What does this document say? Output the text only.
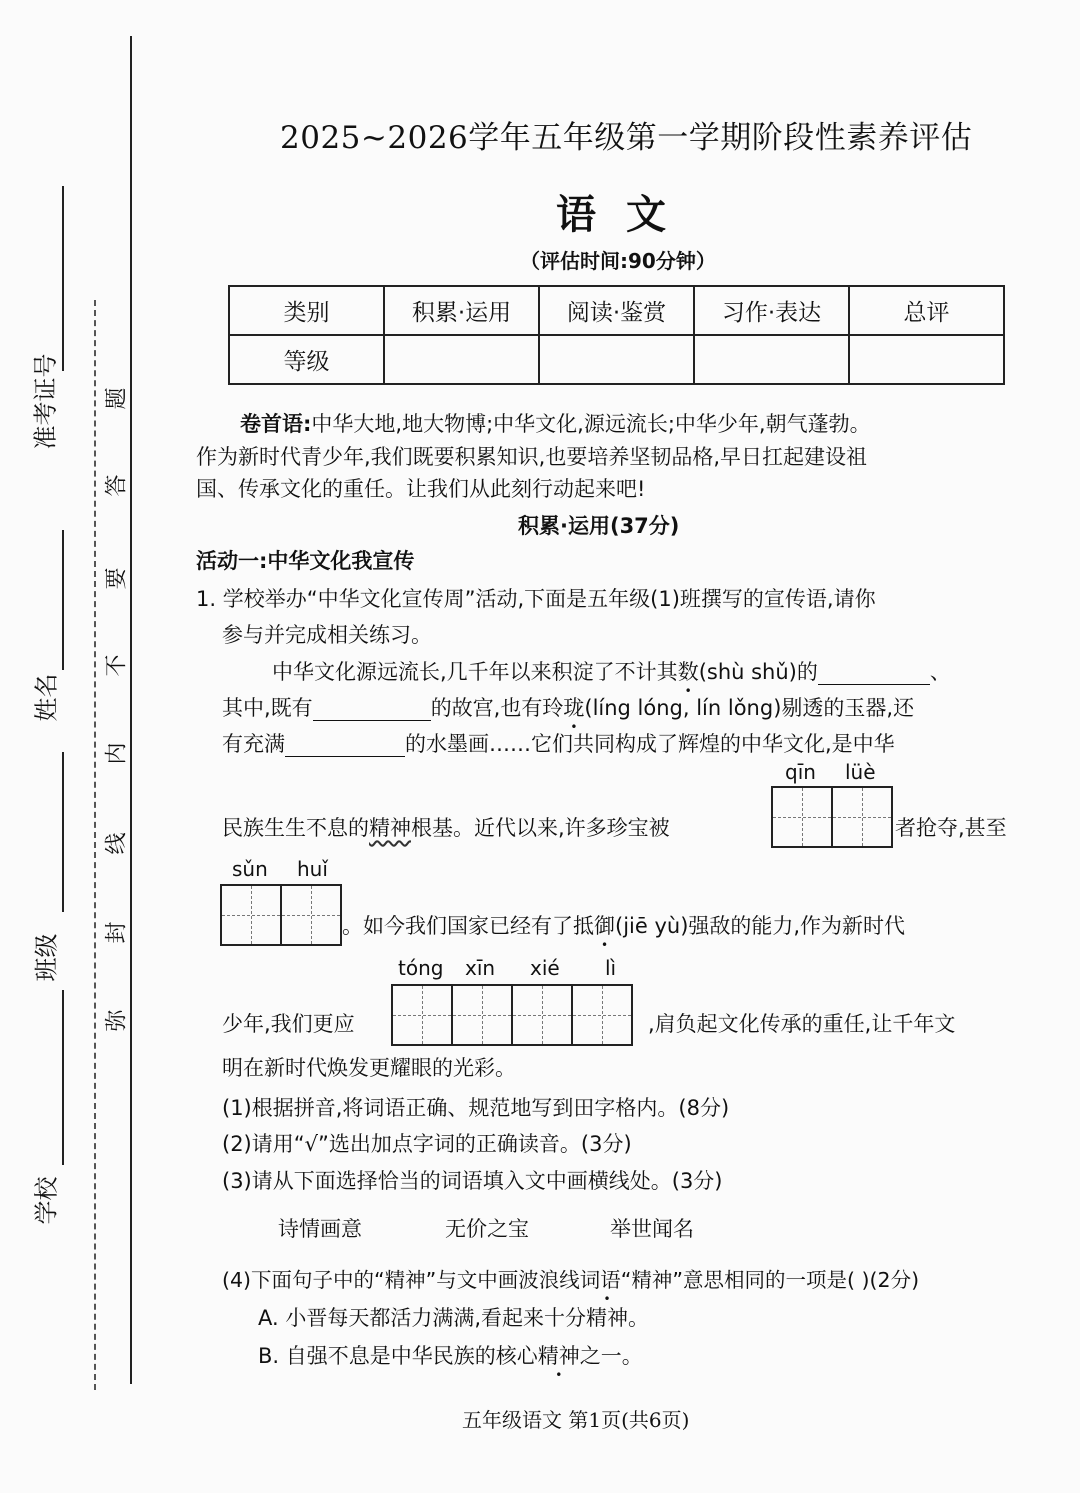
题
答
要
不
内
线
封
弥
准考证号
姓名
班级
学校
2025~2026学年五年级第一学期阶段性素养评估
语文
（评估时间:90分钟）
类别	积累·运用	阅读·鉴赏	习作·表达	总评
等级				
卷首语:中华大地,地大物博;中华文化,源远流长;中华少年,朝气蓬勃。
作为新时代青少年,我们既要积累知识,也要培养坚韧品格,早日扛起建设祖
国、传承文化的重任。让我们从此刻行动起来吧!
积累·运用(37分)
活动一:中华文化我宣传
1. 学校举办“中华文化宣传周”活动,下面是五年级(1)班撰写的宣传语,请你
参与并完成相关练习。
中华文化源远流长,几千年以来积淀了不计其数(shù shǔ)的	、
其中,既有	的故宫,也有玲珑(líng lóng, lín lǒng)剔透的玉器,还
有充满	的水墨画……它们共同构成了辉煌的中华文化,是中华
qīn lüè
民族生生不息的精神根基。近代以来,许多珍宝被	者抢夺,甚至
sǔn huǐ
。如今我们国家已经有了抵御(jiē yù)强敌的能力,作为新时代
tóng xīn xié lì
少年,我们更应	,肩负起文化传承的重任,让千年文
明在新时代焕发更耀眼的光彩。
(1)根据拼音,将词语正确、规范地写到田字格内。(8分)
(2)请用“√”选出加点字词的正确读音。(3分)
(3)请从下面选择恰当的词语填入文中画横线处。(3分)
诗情画意	无价之宝	举世闻名
(4)下面句子中的“精神”与文中画波浪线词语“精神”意思相同的一项是( )(2分)
A. 小晋每天都活力满满,看起来十分精神。
B. 自强不息是中华民族的核心精神之一。
五年级语文 第1页(共6页)
